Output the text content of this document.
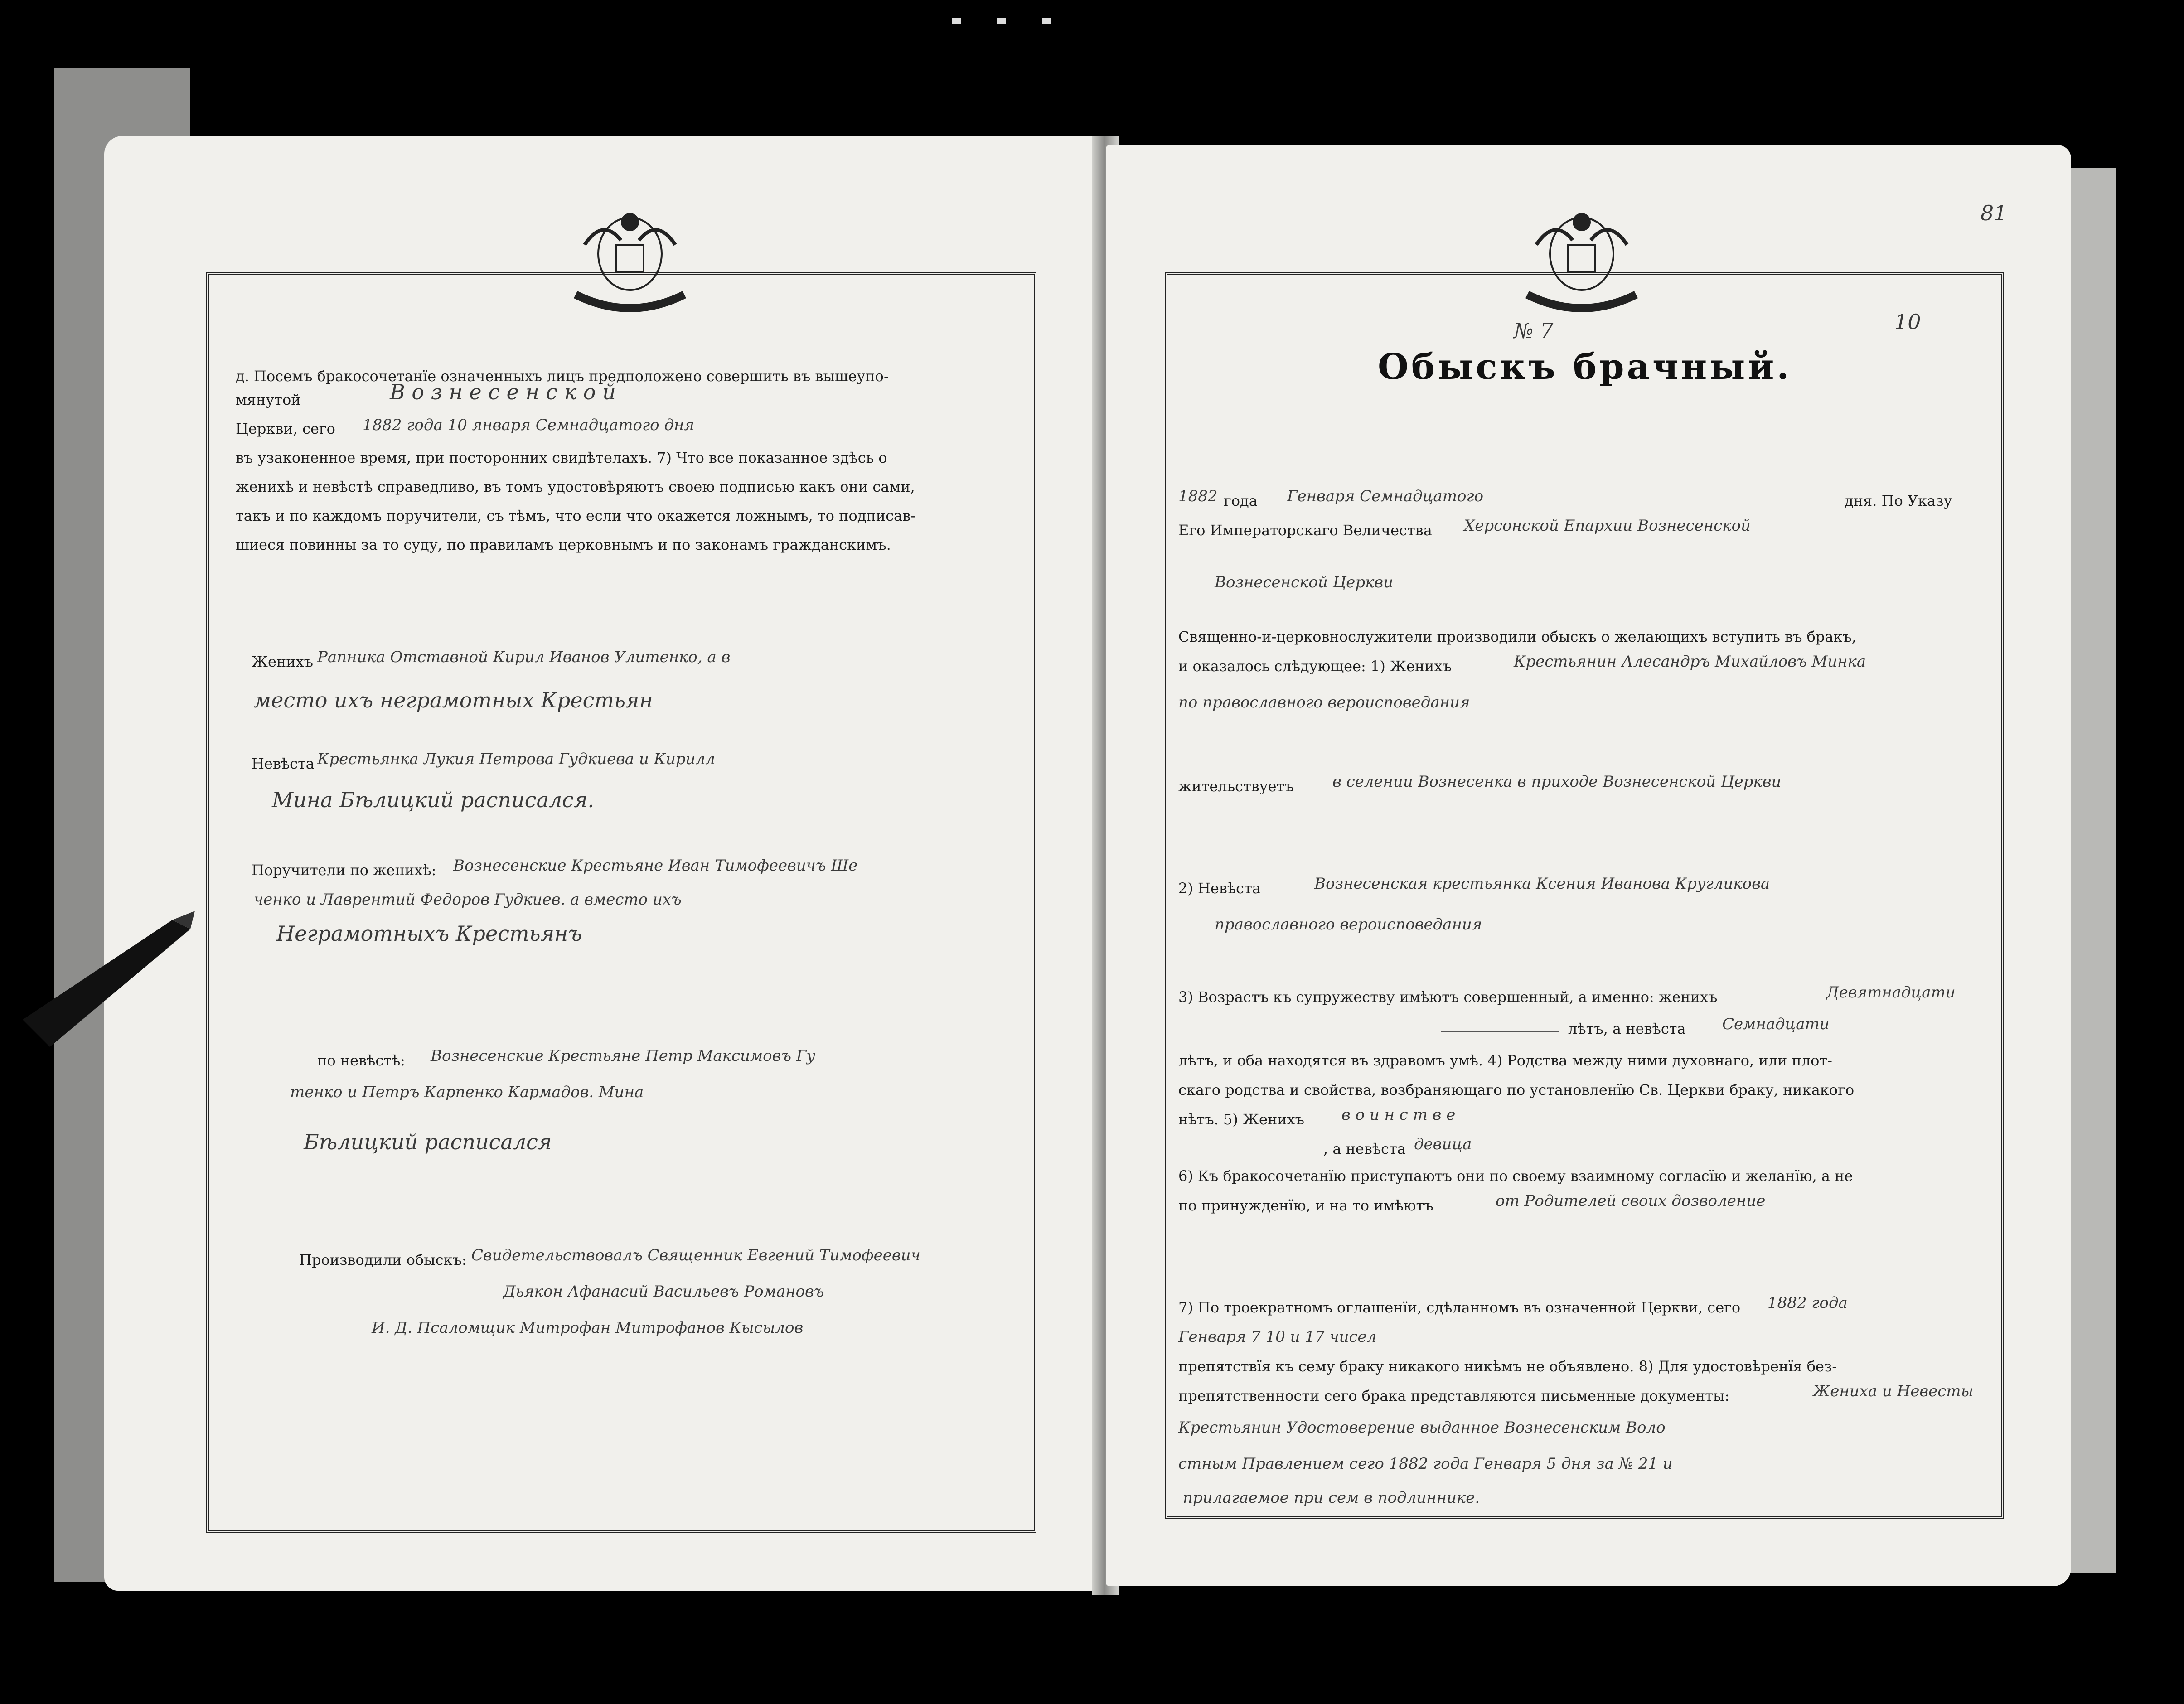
д. Посемъ бракосочетанїе означенныхъ лицъ предположено совершить въ вышеупо-
мянутой	В о з н е с е н с к о й
Церкви, сего 1882 года 10 января Семнадцатого дня
въ узаконенное время, при посторонних свидѣтелахъ. 7) Что все показанное здѣсь о
женихѣ и невѣстѣ справедливо, въ томъ удостовѣряютъ своею подписью какъ они сами,
такъ и по каждомъ поручители, съ тѣмъ, что если что окажется ложнымъ, то подписав-
шиеся повинны за то суду, по правиламъ церковнымъ и по законамъ гражданскимъ.
Женихъ Рапника Отставной Кирил Иванов Улитенко, а в
место ихъ неграмотных Крестьян
Невѣста Крестьянка Лукия Петрова Гудкиева и Кирилл
Мина Бѣлицкий расписался.
Поручители по женихѣ: Вознесенские Крестьяне Иван Тимофеевичъ Ше
ченко и Лаврентий Федоров Гудкиев. а вместо ихъ
Неграмотныхъ Крестьянъ
по невѣстѣ: Вознесенские Крестьяне Петр Максимовъ Гу
тенко и Петръ Карпенко Кармадов. Мина
Бѣлицкий расписался
Производили обыскъ: Свидетельствовалъ Священник Евгений Тимофеевич
Дьякон Афанасий Васильевъ Романовъ
И. Д. Псаломщик Митрофан Митрофанов Кысылов
81
10
№ 7
Обыскъ брачный.
1882 года Генваря Семнадцатого	дня. По Указу
Его Императорскаго Величества Херсонской Епархии Вознесенской
Вознесенской Церкви
Священно-и-церковнослужители производили обыскъ о желающихъ вступить въ бракъ,
и оказалось слѣдующее: 1) Женихъ	Крестьянин Алесандръ Михайловъ Минка
по православного вероисповедания
жительствуетъ	в селении Вознесенка в приходе Вознесенской Церкви
2) Невѣста	Вознесенская крестьянка Ксения Иванова Кругликова
православного вероисповедания
3) Возрастъ къ супружеству имѣютъ совершенный, а именно: женихъ	Девятнадцати
лѣтъ, а невѣста Семнадцати
лѣтъ, и оба находятся въ здравомъ умѣ. 4) Родства между ними духовнаго, или плот-
скаго родства и свойства, возбраняющаго по установленїю Св. Церкви браку, никакого
нѣтъ. 5) Женихъ в о и н с т в е
, а невѣста девица
6) Къ бракосочетанїю приступаютъ они по своему взаимному согласїю и желанїю, а не
по принужденїю, и на то имѣютъ	от Родителей своих дозволение
7) По троекратномъ оглашенїи, сдѣланномъ въ означенной Церкви, сего 1882 года
Генваря 7 10 и 17 чисел
препятствїя къ сему браку никакого никѣмъ не объявлено. 8) Для удостовѣренїя без-
препятственности сего брака представляются письменные документы:	Жениха и Невесты
Крестьянин Удостоверение выданное Вознесенским Воло
стным Правлением сего 1882 года Генваря 5 дня за № 21 и
прилагаемое при сем в подлиннике.
